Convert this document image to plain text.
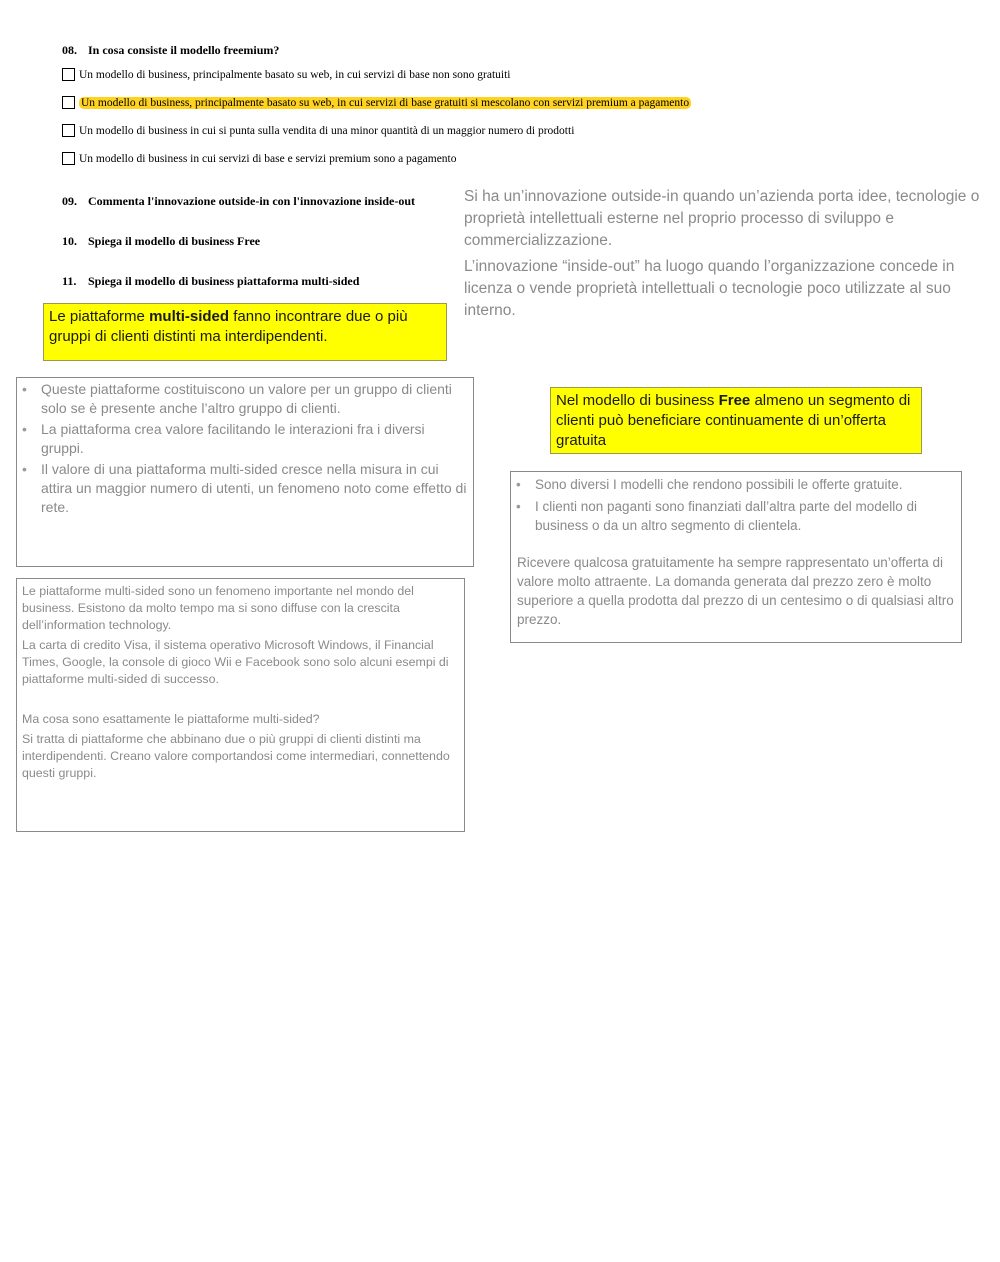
08. In cosa consiste il modello freemium?
Un modello di business, principalmente basato su web, in cui servizi di base non sono gratuiti
Un modello di business, principalmente basato su web, in cui servizi di base gratuiti si mescolano con servizi premium a pagamento
Un modello di business in cui si punta sulla vendita di una minor quantità di un maggior numero di prodotti
Un modello di business in cui servizi di base e servizi premium sono a pagamento
09. Commenta l'innovazione outside-in con l'innovazione inside-out
10. Spiega il modello di business Free
11. Spiega il modello di business piattaforma multi-sided

Si ha un’innovazione outside-in quando un’azienda porta idee, tecnologie o proprietà intellettuali esterne nel proprio processo di sviluppo e commercializzazione.

L’innovazione “inside-out” ha luogo quando l’organizzazione concede in licenza o vende proprietà intellettuali o tecnologie poco utilizzate al suo interno.

Le piattaforme multi-sided fanno incontrare due o più gruppi di clienti distinti ma interdipendenti.
• Queste piattaforme costituiscono un valore per un gruppo di clienti solo se è presente anche l’altro gruppo di clienti.
• La piattaforma crea valore facilitando le interazioni fra i diversi gruppi.
• Il valore di una piattaforma multi-sided cresce nella misura in cui attira un maggior numero di utenti, un fenomeno noto come effetto di rete.

Le piattaforme multi-sided sono un fenomeno importante nel mondo del business. Esistono da molto tempo ma si sono diffuse con la crescita dell’information technology.

La carta di credito Visa, il sistema operativo Microsoft Windows, il Financial Times, Google, la console di gioco Wii e Facebook sono solo alcuni esempi di piattaforme multi-sided di successo.

Ma cosa sono esattamente le piattaforme multi-sided?

Si tratta di piattaforme che abbinano due o più gruppi di clienti distinti ma interdipendenti. Creano valore comportandosi come intermediari, connettendo questi gruppi.

Nel modello di business Free almeno un segmento di clienti può beneficiare continuamente di un’offerta gratuita
• Sono diversi I modelli che rendono possibili le offerte gratuite.
• I clienti non paganti sono finanziati dall’altra parte del modello di business o da un altro segmento di clientela.

Ricevere qualcosa gratuitamente ha sempre rappresentato un’offerta di valore molto attraente. La domanda generata dal prezzo zero è molto superiore a quella prodotta dal prezzo di un centesimo o di qualsiasi altro prezzo.
